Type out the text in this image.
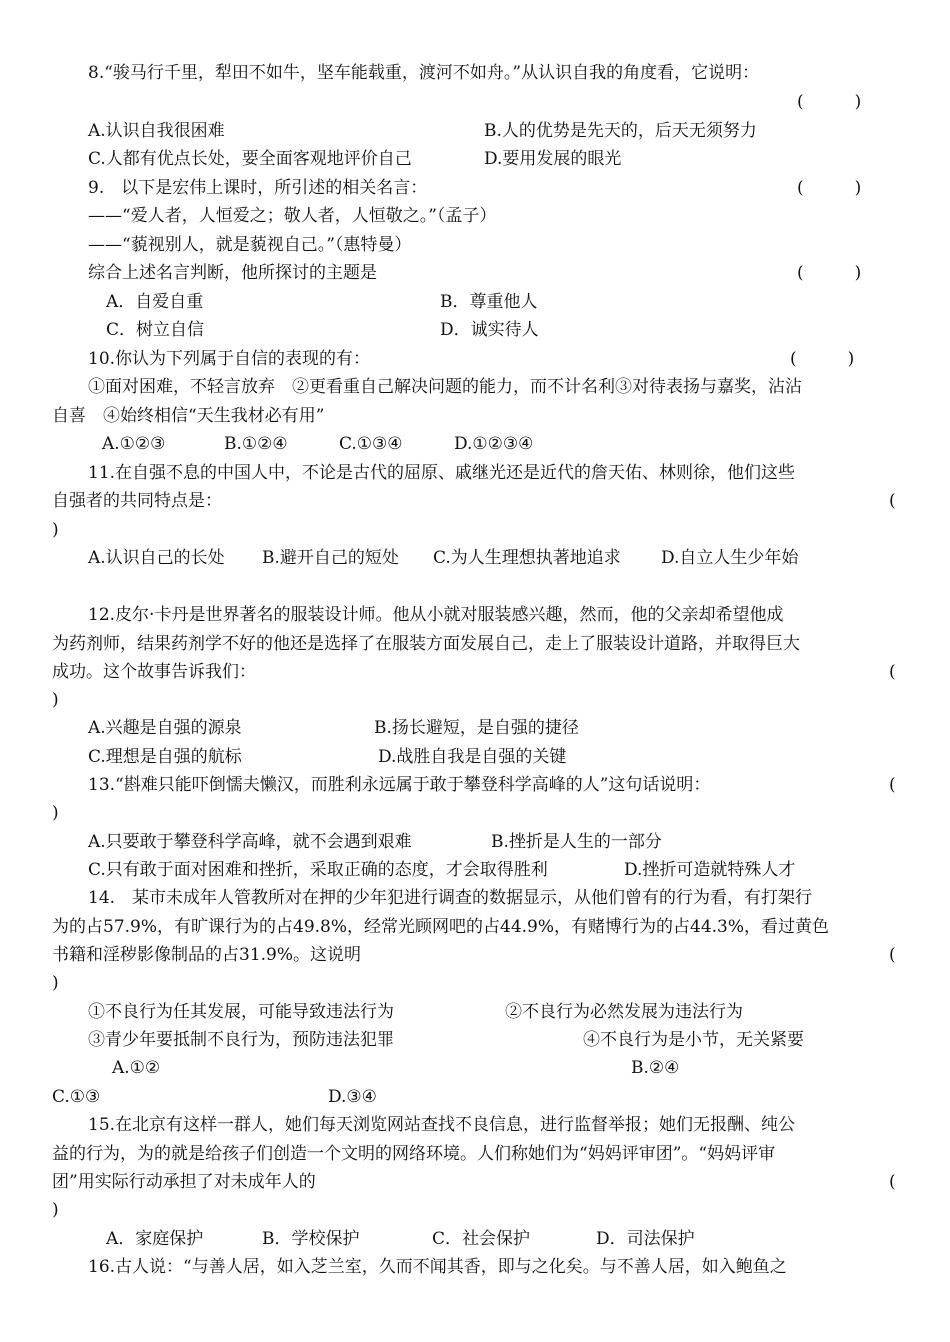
8.“骏马行千里，犁田不如牛，坚车能载重，渡河不如舟。”从认识自我的角度看，它说明：
(　　　)
A.认识自我很困难	B.人的优势是先天的，后天无须努力
C.人都有优点长处，要全面客观地评价自己	D.要用发展的眼光
9.　以下是宏伟上课时，所引述的相关名言：	(　　　)
——“爱人者，人恒爱之；敬人者，人恒敬之。”（孟子）
——“藐视别人，就是藐视自己。”（惠特曼）
综合上述名言判断，他所探讨的主题是	(　　　)
A．自爱自重	B．尊重他人
C．树立自信	D．诚实待人
10.你认为下列属于自信的表现的有：	(　　　)
①面对困难，不轻言放弃　②更看重自己解决问题的能力，而不计名利③对待表扬与嘉奖，沾沾
自喜　④始终相信“天生我材必有用”
A.①②③	B.①②④	C.①③④	D.①②③④
11.在自强不息的中国人中，不论是古代的屈原、戚继光还是近代的詹天佑、林则徐，他们这些
自强者的共同特点是：	(
)
A.认识自己的长处 B.避开自己的短处 C.为人生理想执著地追求 D.自立人生少年始
12.皮尔·卡丹是世界著名的服装设计师。他从小就对服装感兴趣，然而，他的父亲却希望他成
为药剂师，结果药剂学不好的他还是选择了在服装方面发展自己，走上了服装设计道路，并取得巨大
成功。这个故事告诉我们：	(
)
A.兴趣是自强的源泉	B.扬长避短，是自强的捷径
C.理想是自强的航标	D.战胜自我是自强的关键
13.“斟难只能吓倒懦夫懒汉，而胜利永远属于敢于攀登科学高峰的人”这句话说明：	(
)
A.只要敢于攀登科学高峰，就不会遇到艰难	B.挫折是人生的一部分
C.只有敢于面对困难和挫折，采取正确的态度，才会取得胜利	D.挫折可造就特殊人才
14.　某市未成年人管教所对在押的少年犯进行调查的数据显示，从他们曾有的行为看，有打架行
为的占57.9%，有旷课行为的占49.8%，经常光顾网吧的占44.9%，有赌博行为的占44.3%，看过黄色
书籍和淫秽影像制品的占31.9%。这说明	(
)
①不良行为任其发展，可能导致违法行为	②不良行为必然发展为违法行为
③青少年要抵制不良行为，预防违法犯罪	④不良行为是小节，无关紧要
A.①②	B.②④
C.①③	D.③④
15.在北京有这样一群人，她们每天浏览网站查找不良信息，进行监督举报；她们无报酬、纯公
益的行为，为的就是给孩子们创造一个文明的网络环境。人们称她们为“妈妈评审团”。“妈妈评审
团”用实际行动承担了对未成年人的	(
)
A．家庭保护	B．学校保护	C．社会保护	D．司法保护
16.古人说：“与善人居，如入芝兰室，久而不闻其香，即与之化矣。与不善人居，如入鲍鱼之
